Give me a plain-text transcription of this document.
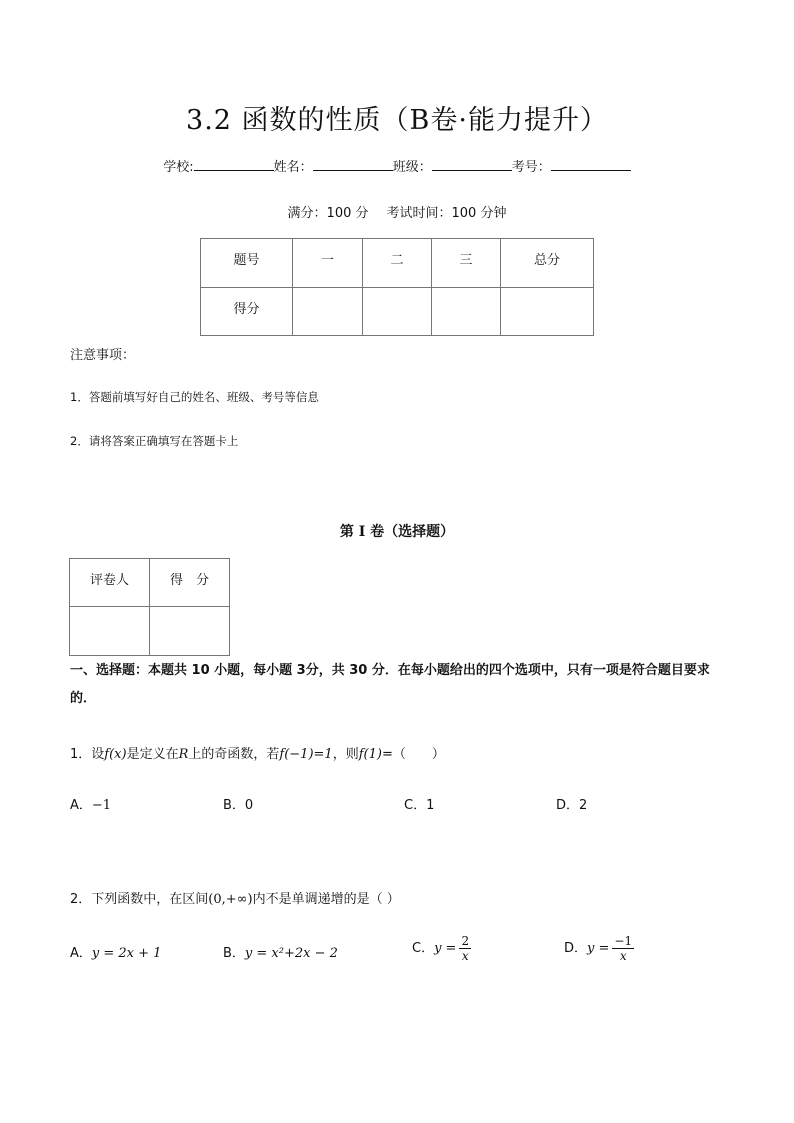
3.2 函数的性质（B卷·能力提升）
学校:	姓名：	班级：	考号：
满分：100 分 考试时间：100 分钟
题号	一	二	三	总分
得分				
注意事项：
1．答题前填写好自己的姓名、班级、考号等信息
2．请将答案正确填写在答题卡上
第 I 卷（选择题）
评卷人	得　分

一、选择题：本题共 10 小题，每小题 3分，共 30 分．在每小题给出的四个选项中，只有一项是符合题目要求的．
1．设f(x)是定义在R上的奇函数，若f(−1)=1，则f(1)=（　　）
A．−1	B．0	C．1	D．2
2．下列函数中，在区间(0,+∞)内不是单调递增的是（ ）
A．y = 2x + 1	B．y = x²+2x − 2	C．$y = \frac{2}{x}$	D．$y = \frac{-1}{x}$
